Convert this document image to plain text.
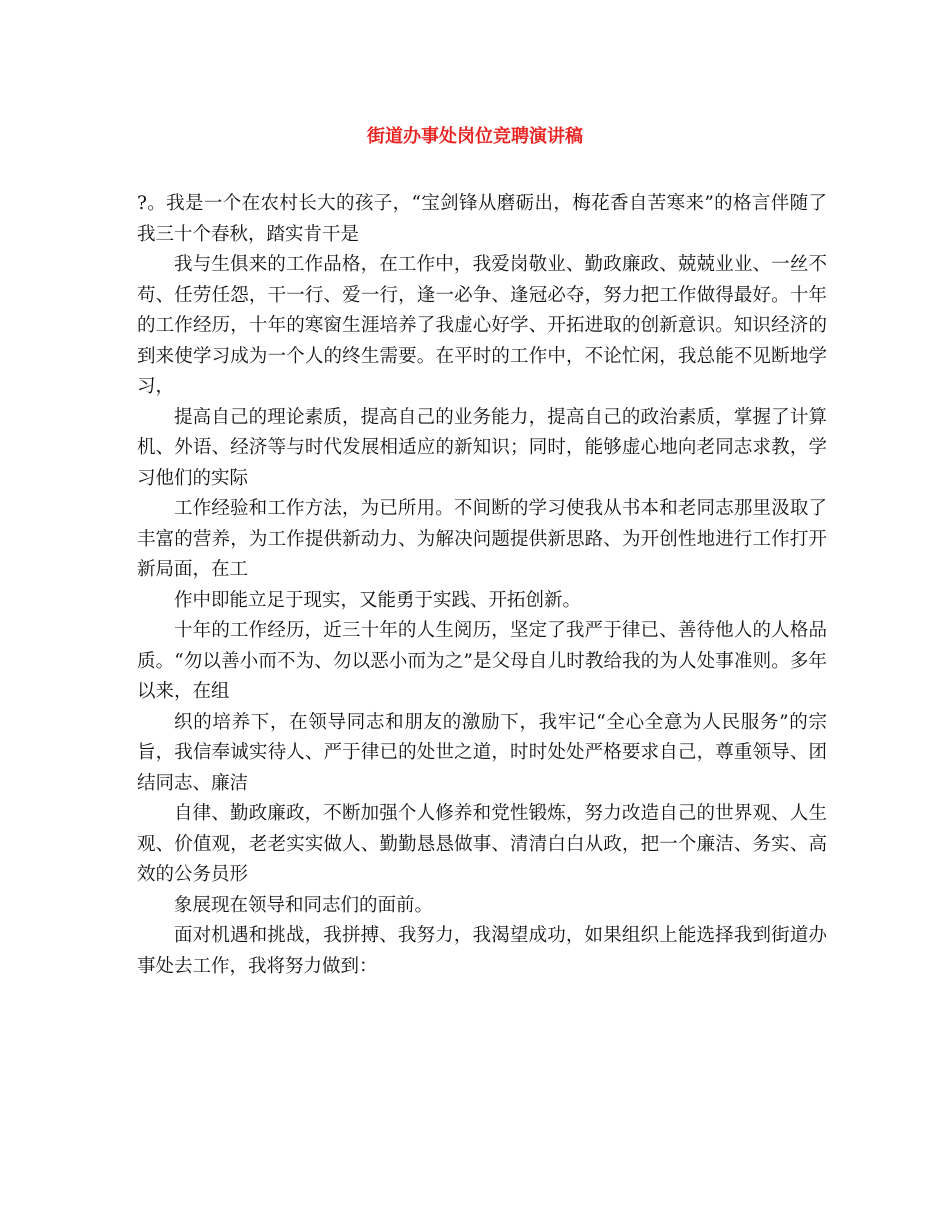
街道办事处岗位竞聘演讲稿

?。我是一个在农村长大的孩子，“宝剑锋从磨砺出，梅花香自苦寒来”的格言伴随了我三十个春秋，踏实肯干是

我与生俱来的工作品格，在工作中，我爱岗敬业、勤政廉政、兢兢业业、一丝不苟、任劳任怨，干一行、爱一行，逢一必争、逢冠必夺，努力把工作做得最好。十年的工作经历，十年的寒窗生涯培养了我虚心好学、开拓进取的创新意识。知识经济的到来使学习成为一个人的终生需要。在平时的工作中，不论忙闲，我总能不见断地学习，

提高自己的理论素质，提高自己的业务能力，提高自己的政治素质，掌握了计算机、外语、经济等与时代发展相适应的新知识；同时，能够虚心地向老同志求教，学习他们的实际

工作经验和工作方法，为已所用。不间断的学习使我从书本和老同志那里汲取了丰富的营养，为工作提供新动力、为解决问题提供新思路、为开创性地进行工作打开新局面，在工

作中即能立足于现实，又能勇于实践、开拓创新。

十年的工作经历，近三十年的人生阅历，坚定了我严于律已、善待他人的人格品质。“勿以善小而不为、勿以恶小而为之”是父母自儿时教给我的为人处事准则。多年以来，在组

织的培养下，在领导同志和朋友的激励下，我牢记“全心全意为人民服务”的宗旨，我信奉诚实待人、严于律已的处世之道，时时处处严格要求自己，尊重领导、团结同志、廉洁

自律、勤政廉政，不断加强个人修养和党性锻炼，努力改造自己的世界观、人生观、价值观，老老实实做人、勤勤恳恳做事、清清白白从政，把一个廉洁、务实、高效的公务员形

象展现在领导和同志们的面前。

面对机遇和挑战，我拼搏、我努力，我渴望成功，如果组织上能选择我到街道办事处去工作，我将努力做到：
